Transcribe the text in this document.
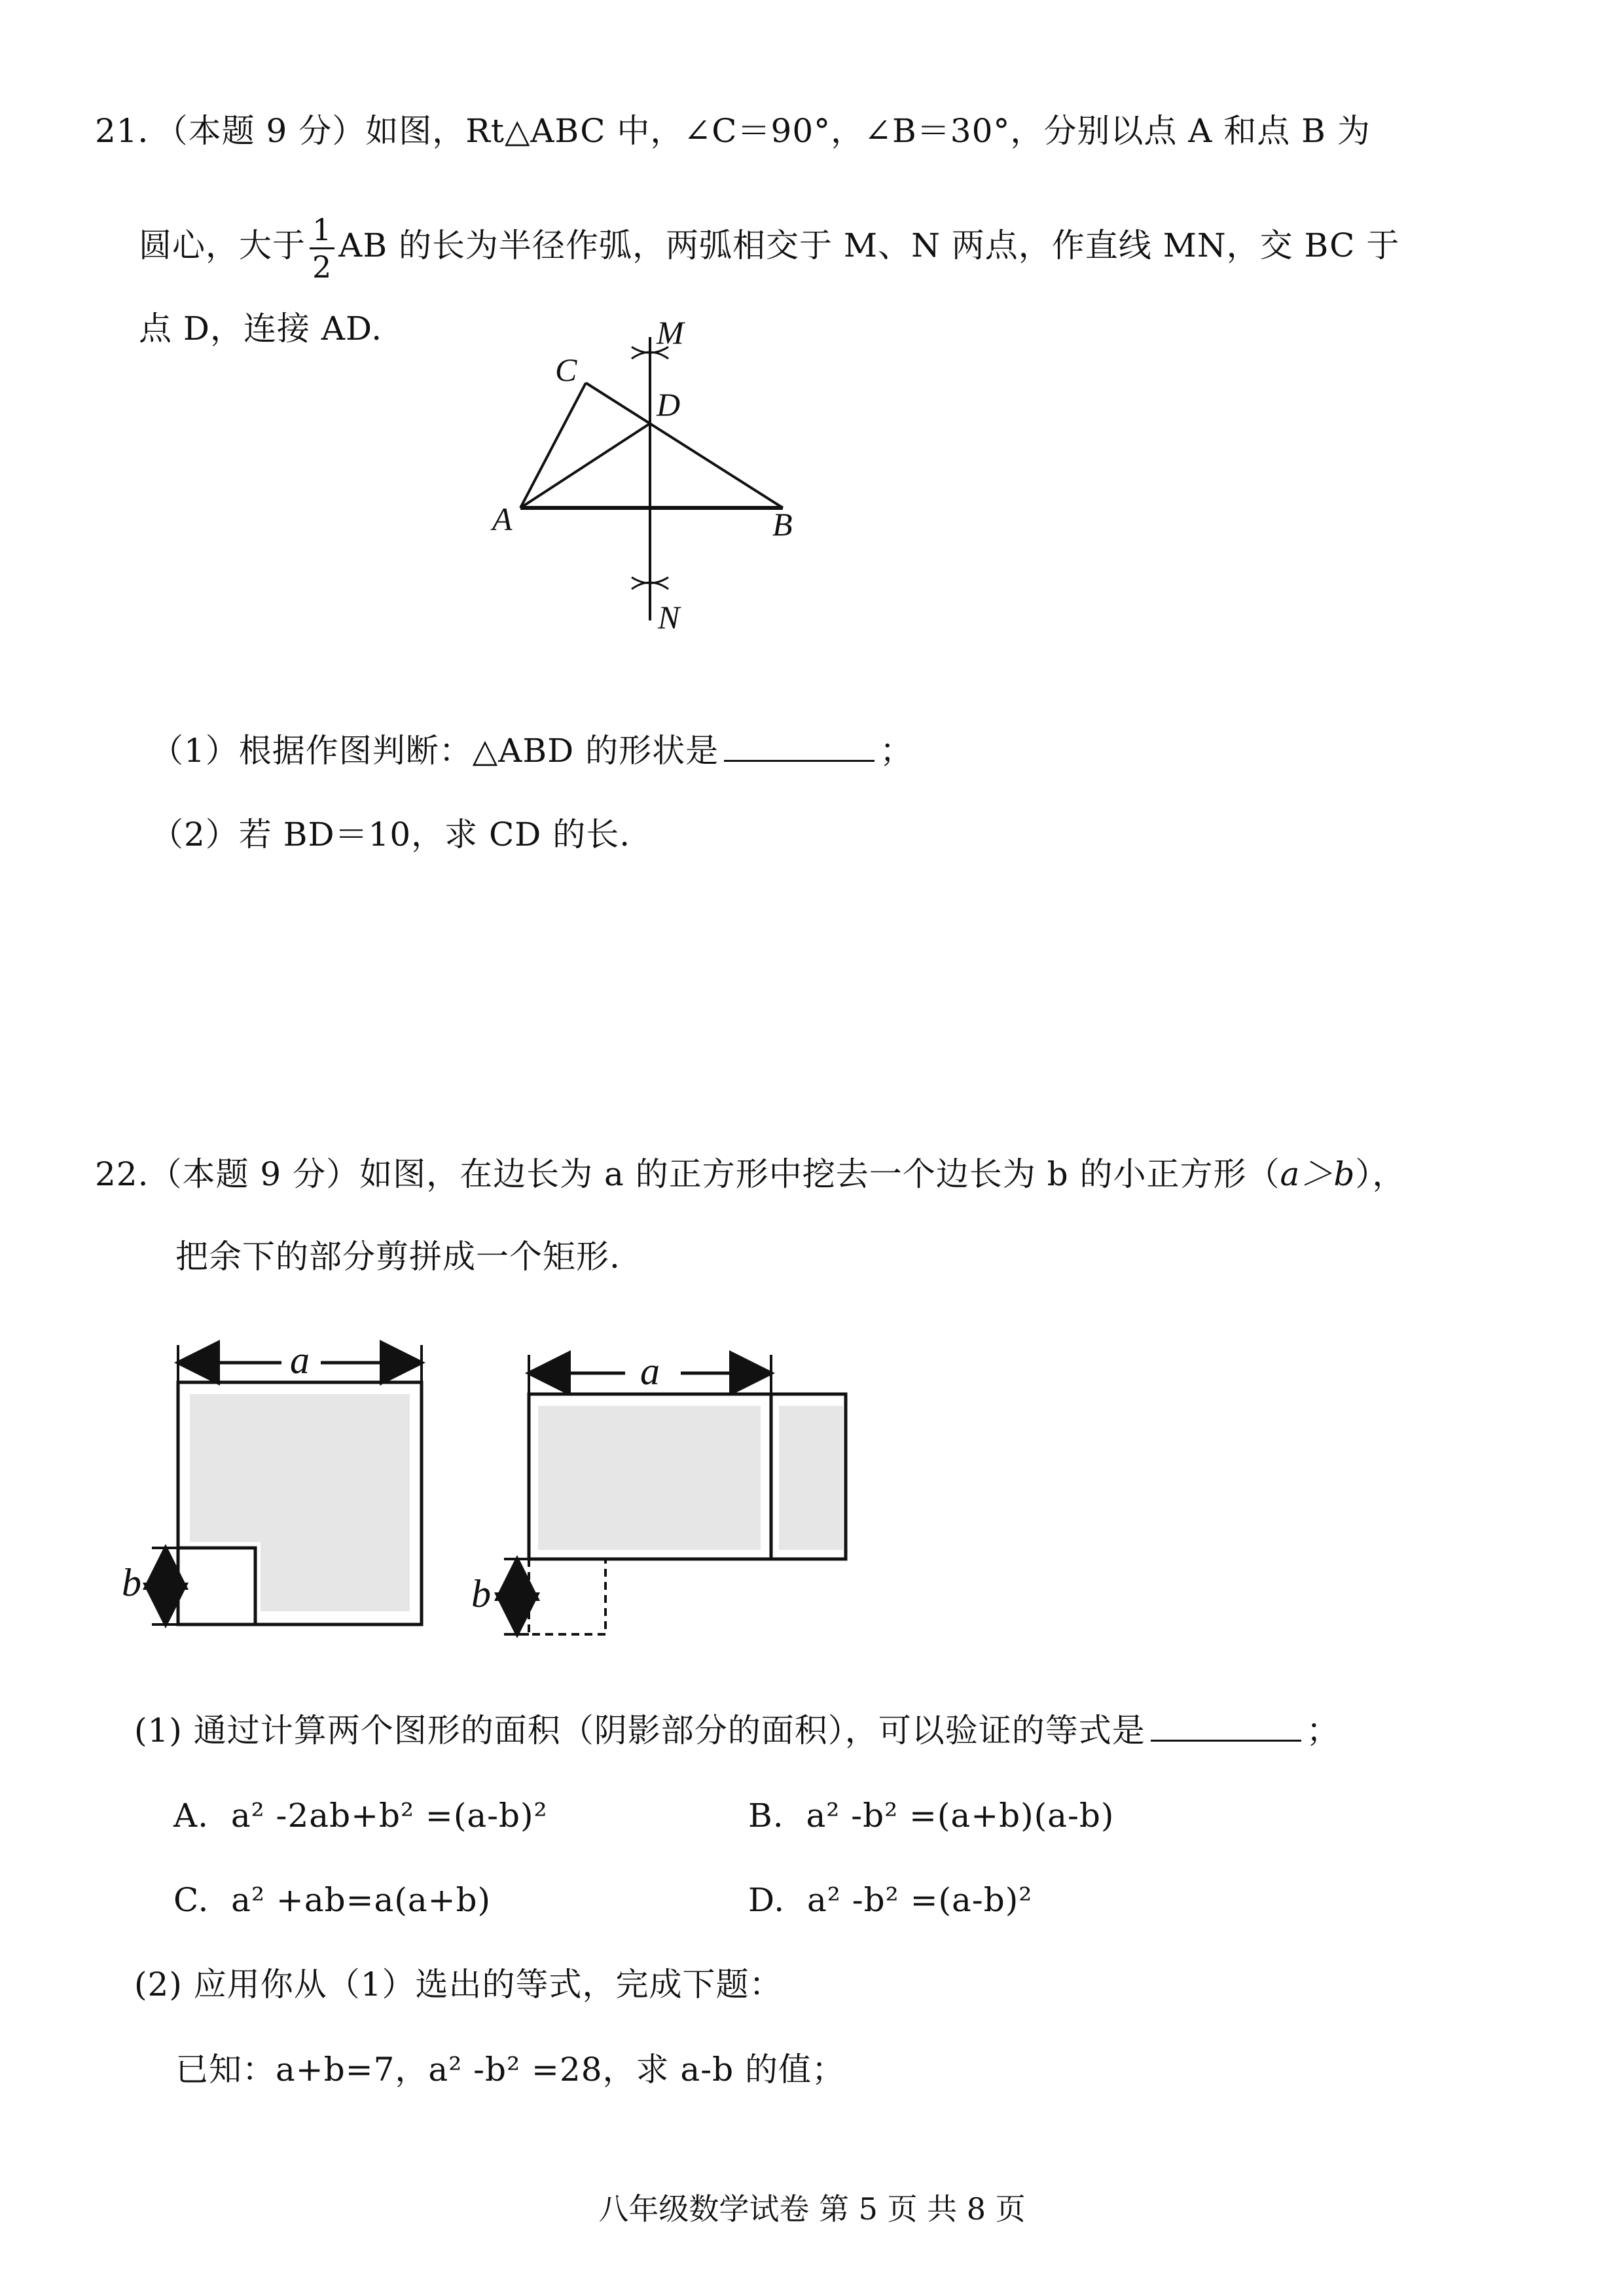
21．（本题 9 分）如图，Rt△ABC 中，∠C＝90°，∠B＝30°，分别以点 A 和点 B 为
圆心，大于 $\frac{1}{2}$ AB 的长为半径作弧，两弧相交于 M、N 两点，作直线 MN，交 BC 于
点 D，连接 AD.
C
D
M
N
A	B
（1）根据作图判断：△ABD 的形状是	；
（2）若 BD＝10，求 CD 的长.
22.（本题 9 分）如图，在边长为 a 的正方形中挖去一个边长为 b 的小正方形（a＞b），
把余下的部分剪拼成一个矩形.
a
b
a
b
(1) 通过计算两个图形的面积（阴影部分的面积），可以验证的等式是	；
A. a² -2ab+b² =(a-b)²	B. a² -b² =(a+b)(a-b)
C. a² +ab=a(a+b)	D. a² -b² =(a-b)²
(2) 应用你从（1）选出的等式，完成下题：
已知：a+b=7，a² -b² =28，求 a-b 的值；
八年级数学试卷 第 5 页 共 8 页
